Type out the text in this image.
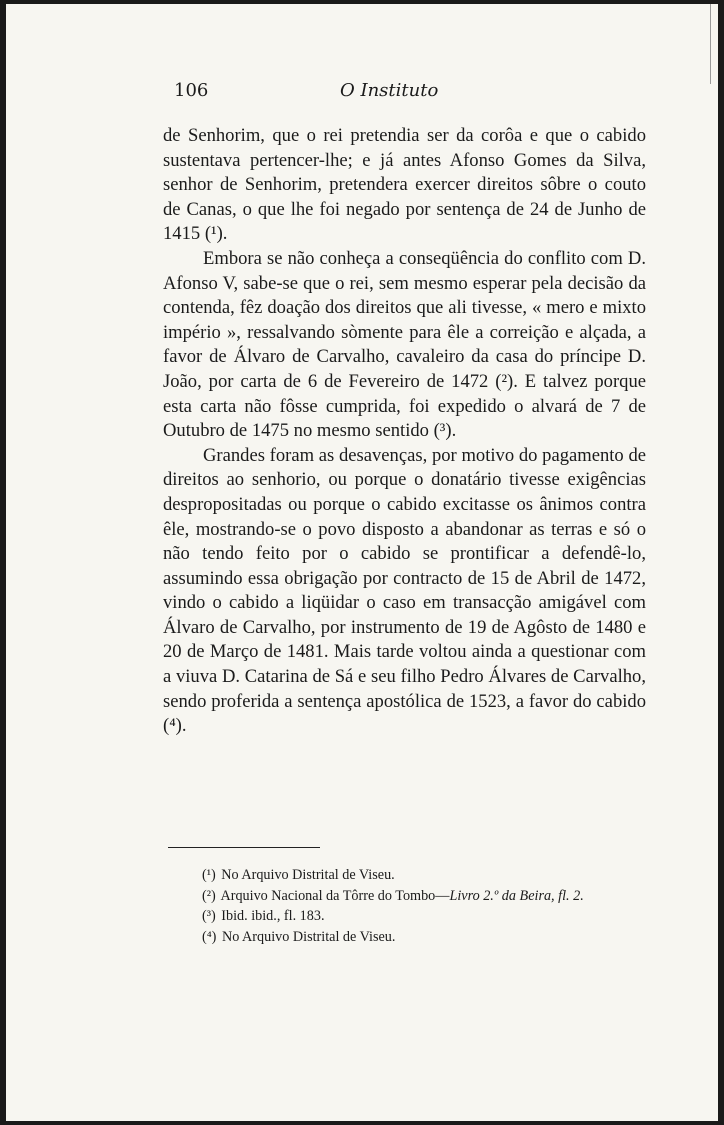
106	O Instituto

de Senhorim, que o rei pretendia ser da corôa e que o cabido sustentava pertencer-lhe; e já antes Afonso Gomes da Silva, senhor de Senhorim, pretendera exercer direitos sôbre o couto de Canas, o que lhe foi negado por sentença de 24 de Junho de 1415 (¹).

Embora se não conheça a conseqüência do conflito com D. Afonso V, sabe-se que o rei, sem mesmo esperar pela decisão da contenda, fêz doação dos direitos que ali tivesse, « mero e mixto império », ressalvando sòmente para êle a correição e alçada, a favor de Álvaro de Carvalho, cavaleiro da casa do príncipe D. João, por carta de 6 de Fevereiro de 1472 (²). E talvez porque esta carta não fôsse cumprida, foi expedido o alvará de 7 de Outubro de 1475 no mesmo sentido (³).

Grandes foram as desavenças, por motivo do pagamento de direitos ao senhorio, ou porque o donatário tivesse exigências despropositadas ou porque o cabido excitasse os ânimos contra êle, mostrando-se o povo disposto a abandonar as terras e só o não tendo feito por o cabido se prontificar a defendê-lo, assumindo essa obrigação por contracto de 15 de Abril de 1472, vindo o cabido a liqüidar o caso em transacção amigável com Álvaro de Carvalho, por instrumento de 19 de Agôsto de 1480 e 20 de Março de 1481. Mais tarde voltou ainda a questionar com a viuva D. Catarina de Sá e seu filho Pedro Álvares de Carvalho, sendo proferida a sentença apostólica de 1523, a favor do cabido (⁴).

(¹) No Arquivo Distrital de Viseu.
(²) Arquivo Nacional da Tôrre do Tombo—Livro 2.º da Beira, fl. 2.
(³) Ibid. ibid., fl. 183.
(⁴) No Arquivo Distrital de Viseu.
